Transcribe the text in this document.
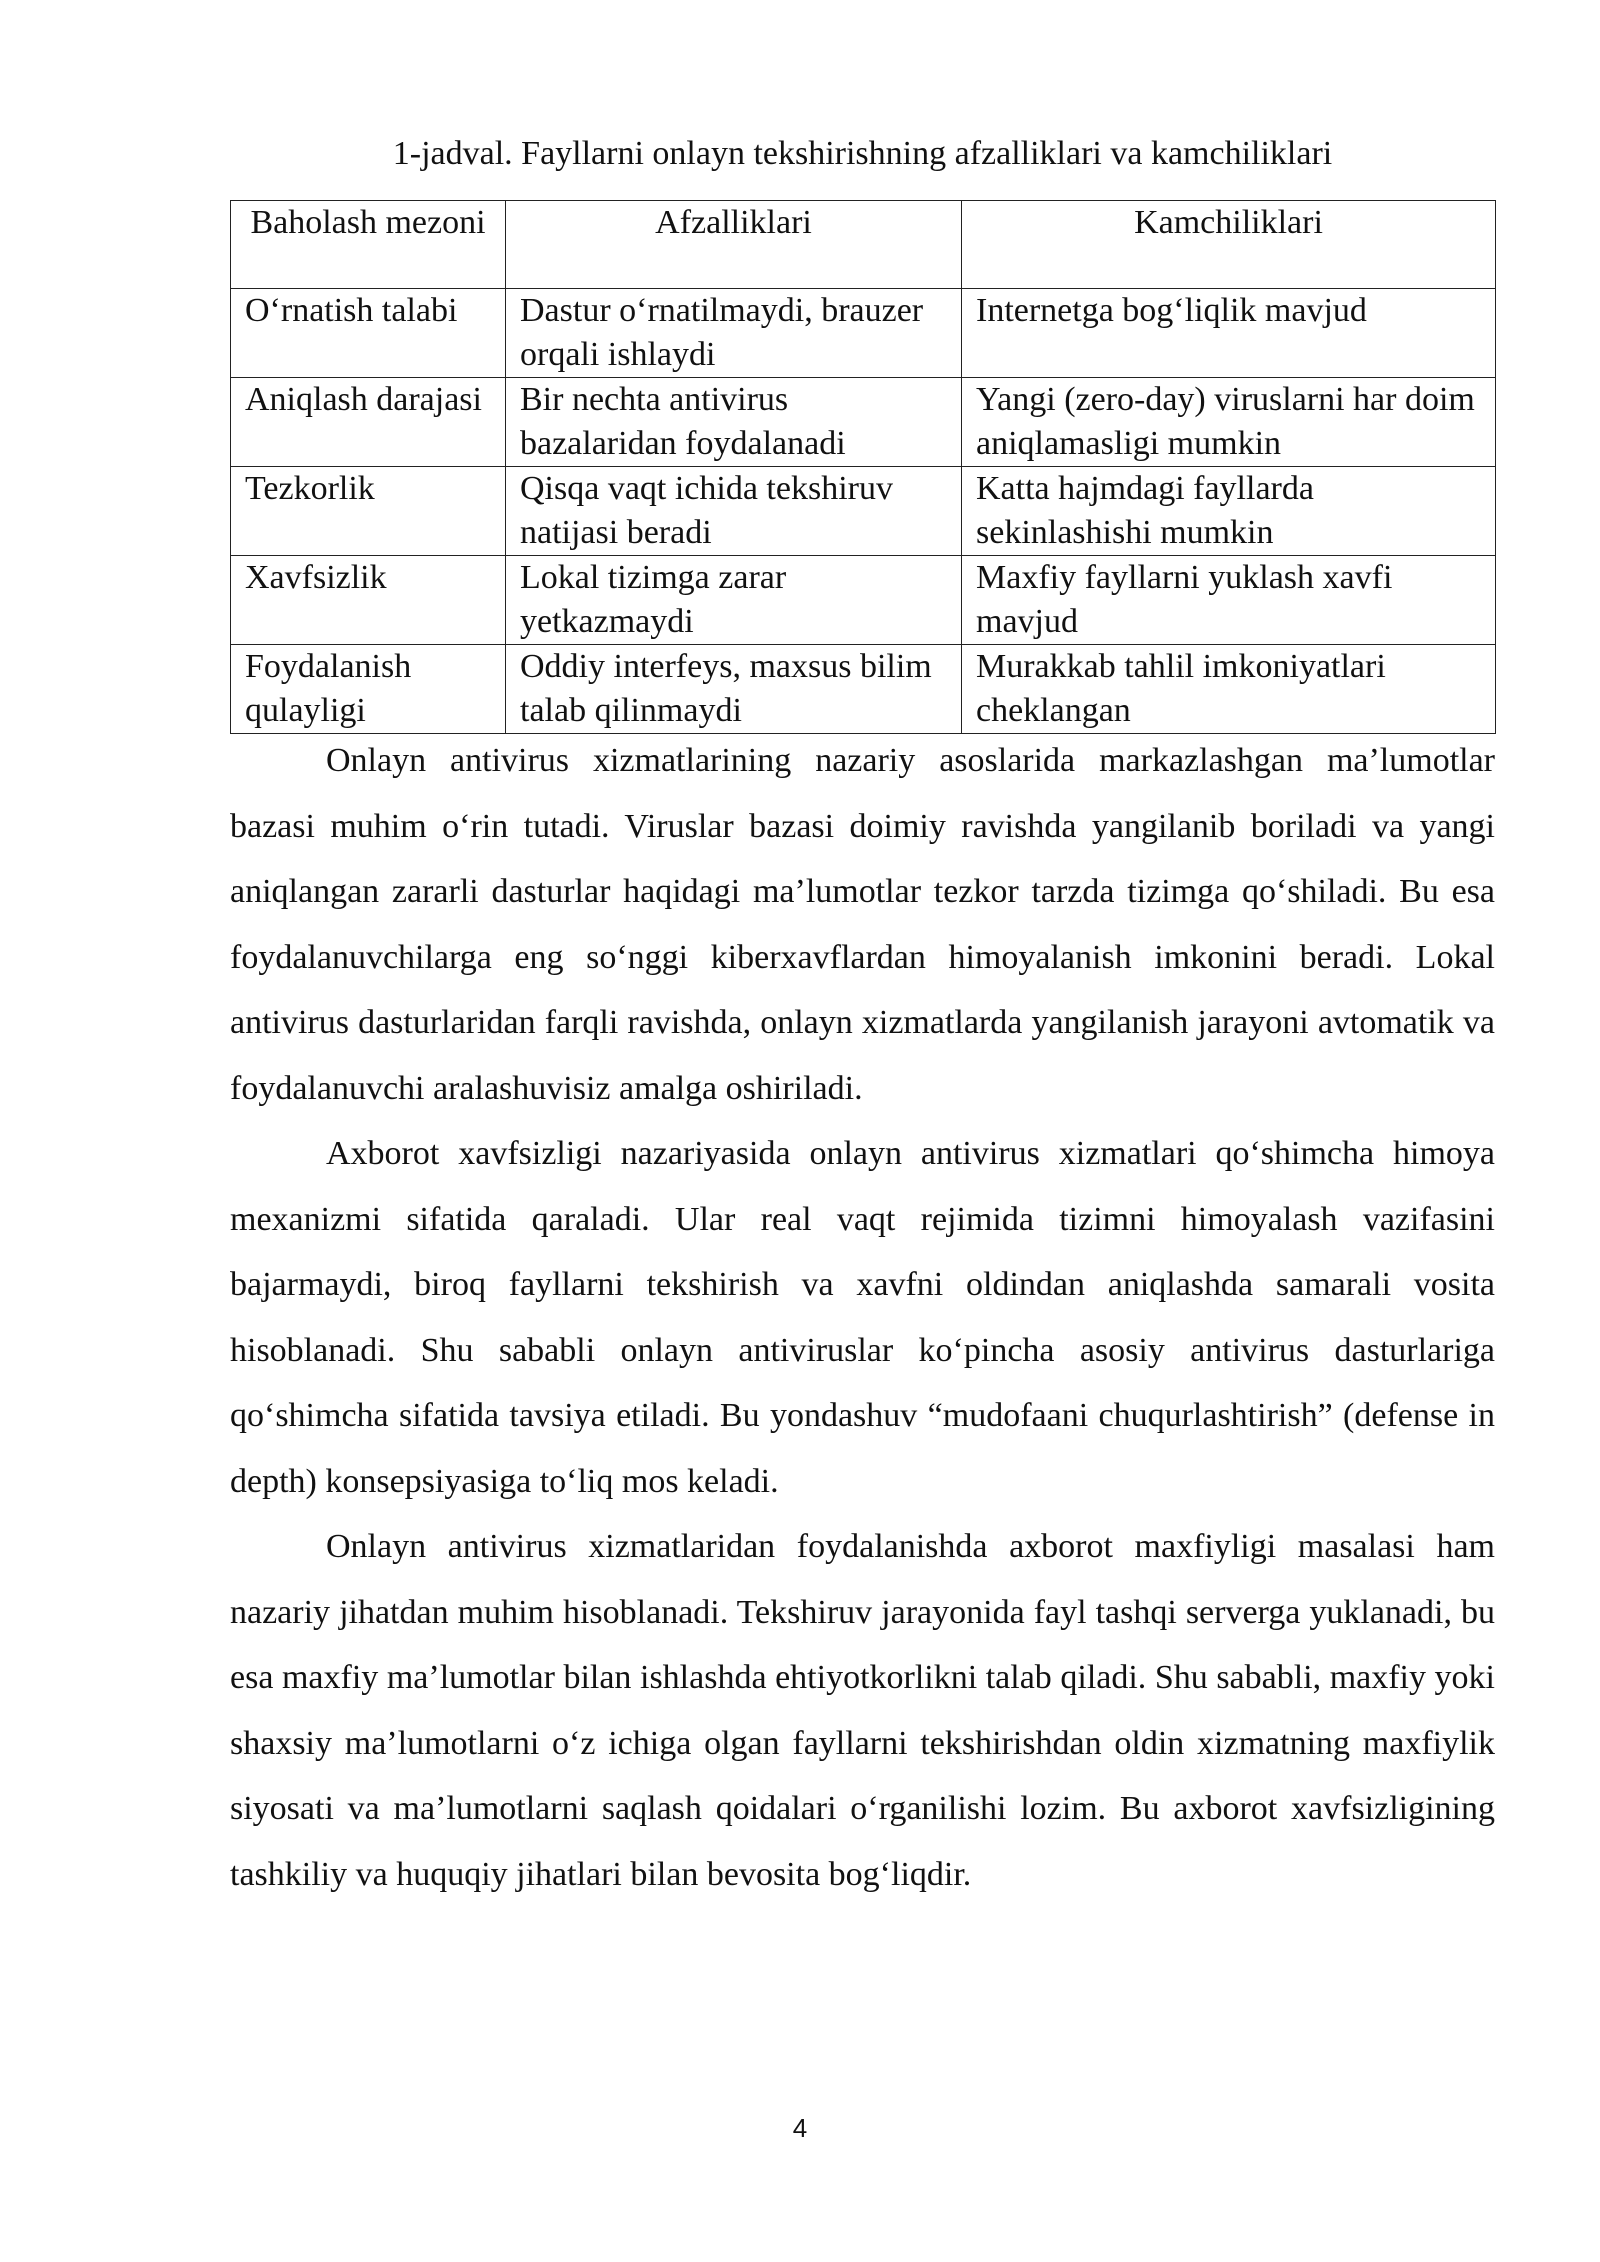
1-jadval. Fayllarni onlayn tekshirishning afzalliklari va kamchiliklari
Baholash mezoni	Afzalliklari	Kamchiliklari
O‘rnatish talabi	Dastur o‘rnatilmaydi, brauzer orqali ishlaydi	Internetga bog‘liqlik mavjud
Aniqlash darajasi	Bir nechta antivirus bazalaridan foydalanadi	Yangi (zero-day) viruslarni har doim aniqlamasligi mumkin
Tezkorlik	Qisqa vaqt ichida tekshiruv natijasi beradi	Katta hajmdagi fayllarda sekinlashishi mumkin
Xavfsizlik	Lokal tizimga zarar yetkazmaydi	Maxfiy fayllarni yuklash xavfi mavjud
Foydalanish qulayligi	Oddiy interfeys, maxsus bilim talab qilinmaydi	Murakkab tahlil imkoniyatlari cheklangan

Onlayn antivirus xizmatlarining nazariy asoslarida markazlashgan ma’lumotlar bazasi muhim o‘rin tutadi. Viruslar bazasi doimiy ravishda yangilanib boriladi va yangi aniqlangan zararli dasturlar haqidagi ma’lumotlar tezkor tarzda tizimga qo‘shiladi. Bu esa foydalanuvchilarga eng so‘nggi kiberxavflardan himoyalanish imkonini beradi. Lokal antivirus dasturlaridan farqli ravishda, onlayn xizmatlarda yangilanish jarayoni avtomatik va foydalanuvchi aralashuvisiz amalga oshiriladi.

Axborot xavfsizligi nazariyasida onlayn antivirus xizmatlari qo‘shimcha himoya mexanizmi sifatida qaraladi. Ular real vaqt rejimida tizimni himoyalash vazifasini bajarmaydi, biroq fayllarni tekshirish va xavfni oldindan aniqlashda samarali vosita hisoblanadi. Shu sababli onlayn antiviruslar ko‘pincha asosiy antivirus dasturlariga qo‘shimcha sifatida tavsiya etiladi. Bu yondashuv “mudofaani chuqurlashtirish” (defense in depth) konsepsiyasiga to‘liq mos keladi.

Onlayn antivirus xizmatlaridan foydalanishda axborot maxfiyligi masalasi ham nazariy jihatdan muhim hisoblanadi. Tekshiruv jarayonida fayl tashqi serverga yuklanadi, bu esa maxfiy ma’lumotlar bilan ishlashda ehtiyotkorlikni talab qiladi. Shu sababli, maxfiy yoki shaxsiy ma’lumotlarni o‘z ichiga olgan fayllarni tekshirishdan oldin xizmatning maxfiylik siyosati va ma’lumotlarni saqlash qoidalari o‘rganilishi lozim. Bu axborot xavfsizligining tashkiliy va huquqiy jihatlari bilan bevosita bog‘liqdir.

4
